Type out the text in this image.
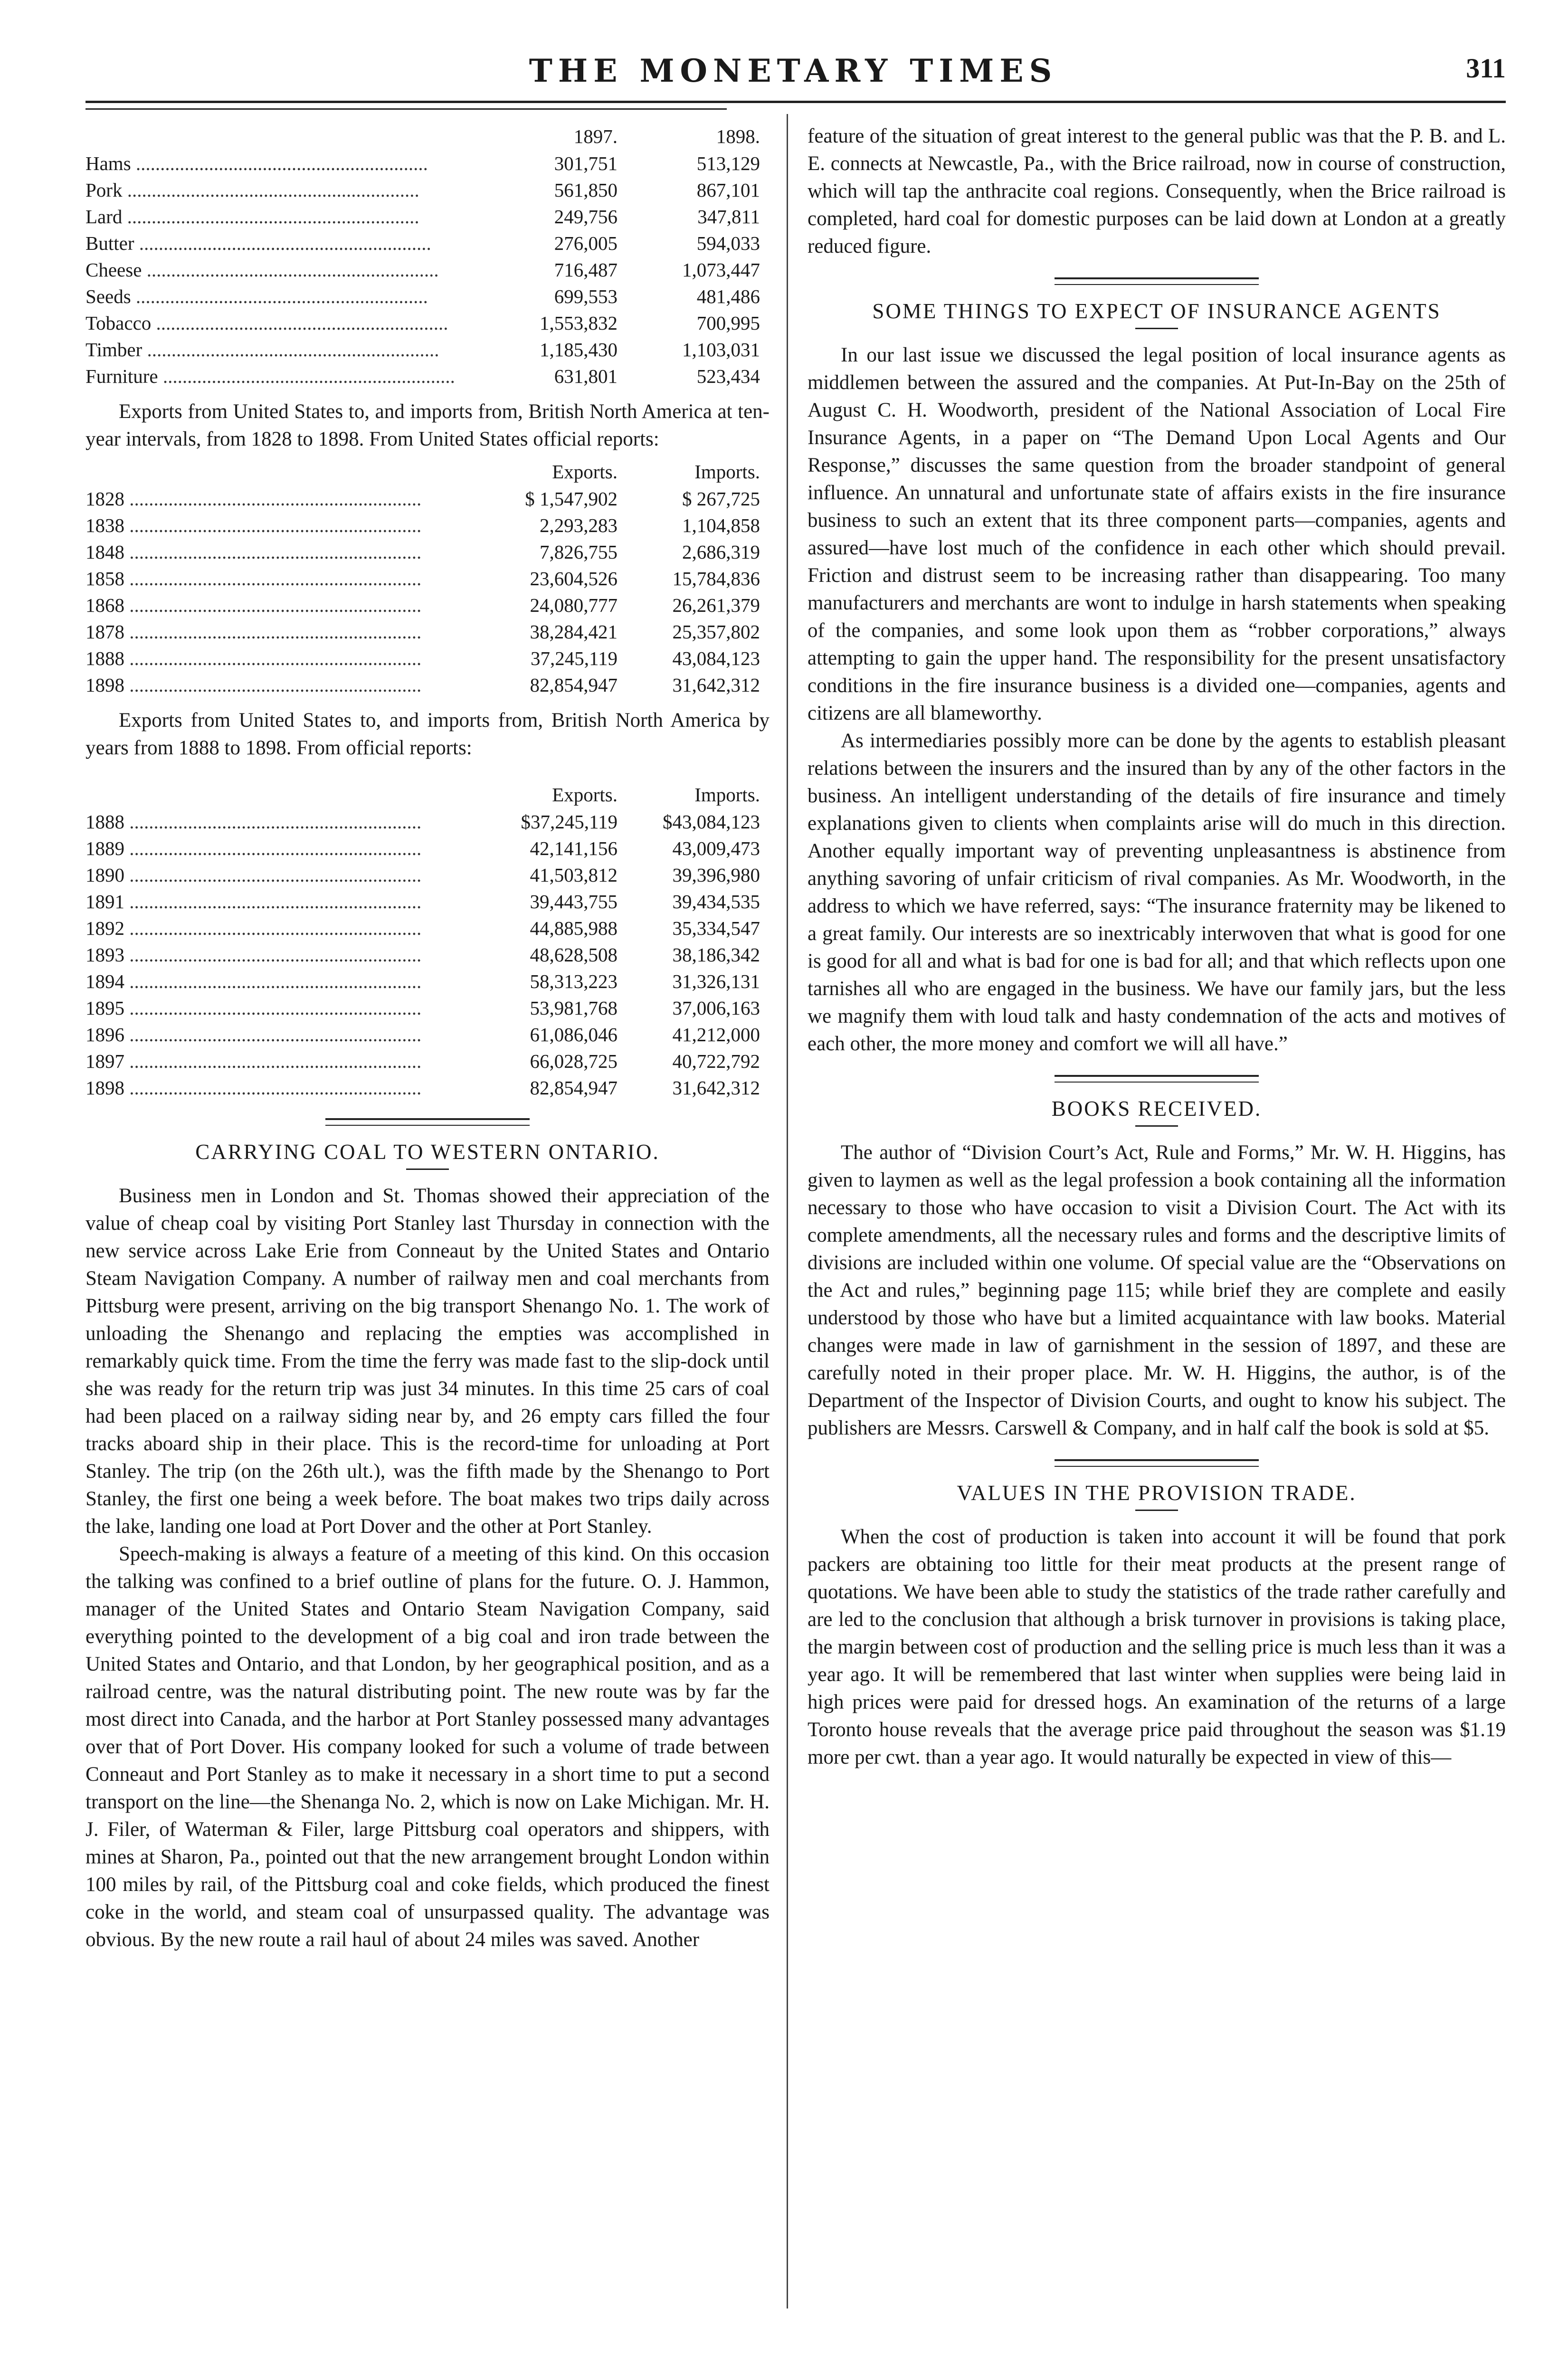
THE MONETARY TIMES	311
	1897.	1898.
Hams ............................................................	301,751	513,129
Pork ............................................................	561,850	867,101
Lard ............................................................	249,756	347,811
Butter ............................................................	276,005	594,033
Cheese ............................................................	716,487	1,073,447
Seeds ............................................................	699,553	481,486
Tobacco ............................................................	1,553,832	700,995
Timber ............................................................	1,185,430	1,103,031
Furniture ............................................................	631,801	523,434

Exports from United States to, and imports from, British North America at ten-year intervals, from 1828 to 1898. From United States official reports:

	Exports.	Imports.
1828 ............................................................	$ 1,547,902	$ 267,725
1838 ............................................................	2,293,283	1,104,858
1848 ............................................................	7,826,755	2,686,319
1858 ............................................................	23,604,526	15,784,836
1868 ............................................................	24,080,777	26,261,379
1878 ............................................................	38,284,421	25,357,802
1888 ............................................................	37,245,119	43,084,123
1898 ............................................................	82,854,947	31,642,312

Exports from United States to, and imports from, British North America by years from 1888 to 1898. From official reports:

	Exports.	Imports.
1888 ............................................................	$37,245,119	$43,084,123
1889 ............................................................	42,141,156	43,009,473
1890 ............................................................	41,503,812	39,396,980
1891 ............................................................	39,443,755	39,434,535
1892 ............................................................	44,885,988	35,334,547
1893 ............................................................	48,628,508	38,186,342
1894 ............................................................	58,313,223	31,326,131
1895 ............................................................	53,981,768	37,006,163
1896 ............................................................	61,086,046	41,212,000
1897 ............................................................	66,028,725	40,722,792
1898 ............................................................	82,854,947	31,642,312
CARRYING COAL TO WESTERN ONTARIO.

Business men in London and St. Thomas showed their appreciation of the value of cheap coal by visiting Port Stanley last Thursday in connection with the new service across Lake Erie from Conneaut by the United States and Ontario Steam Navigation Company. A number of railway men and coal merchants from Pittsburg were present, arriving on the big transport Shenango No. 1. The work of unloading the Shenango and replacing the empties was accomplished in remarkably quick time. From the time the ferry was made fast to the slip-dock until she was ready for the return trip was just 34 minutes. In this time 25 cars of coal had been placed on a railway siding near by, and 26 empty cars filled the four tracks aboard ship in their place. This is the record-time for unloading at Port Stanley. The trip (on the 26th ult.), was the fifth made by the Shenango to Port Stanley, the first one being a week before. The boat makes two trips daily across the lake, landing one load at Port Dover and the other at Port Stanley.

Speech-making is always a feature of a meeting of this kind. On this occasion the talking was confined to a brief outline of plans for the future. O. J. Hammon, manager of the United States and Ontario Steam Navigation Company, said everything pointed to the development of a big coal and iron trade between the United States and Ontario, and that London, by her geographical position, and as a railroad centre, was the natural distributing point. The new route was by far the most direct into Canada, and the harbor at Port Stanley possessed many advantages over that of Port Dover. His company looked for such a volume of trade between Conneaut and Port Stanley as to make it necessary in a short time to put a second transport on the line—the Shenanga No. 2, which is now on Lake Michigan. Mr. H. J. Filer, of Waterman & Filer, large Pittsburg coal operators and shippers, with mines at Sharon, Pa., pointed out that the new arrangement brought London within 100 miles by rail, of the Pittsburg coal and coke fields, which produced the finest coke in the world, and steam coal of unsurpassed quality. The advantage was obvious. By the new route a rail haul of about 24 miles was saved. Another

feature of the situation of great interest to the general public was that the P. B. and L. E. connects at Newcastle, Pa., with the Brice railroad, now in course of construction, which will tap the anthracite coal regions. Consequently, when the Brice railroad is completed, hard coal for domestic purposes can be laid down at London at a greatly reduced figure.

SOME THINGS TO EXPECT OF INSURANCE AGENTS

In our last issue we discussed the legal position of local insurance agents as middlemen between the assured and the companies. At Put-In-Bay on the 25th of August C. H. Woodworth, president of the National Association of Local Fire Insurance Agents, in a paper on “The Demand Upon Local Agents and Our Response,” discusses the same question from the broader standpoint of general influence. An unnatural and unfortunate state of affairs exists in the fire insurance business to such an extent that its three component parts—companies, agents and assured—have lost much of the confidence in each other which should prevail. Friction and distrust seem to be increasing rather than disappearing. Too many manufacturers and merchants are wont to indulge in harsh statements when speaking of the companies, and some look upon them as “robber corporations,” always attempting to gain the upper hand. The responsibility for the present unsatisfactory conditions in the fire insurance business is a divided one—companies, agents and citizens are all blameworthy.

As intermediaries possibly more can be done by the agents to establish pleasant relations between the insurers and the insured than by any of the other factors in the business. An intelligent understanding of the details of fire insurance and timely explanations given to clients when complaints arise will do much in this direction. Another equally important way of preventing unpleasantness is abstinence from anything savoring of unfair criticism of rival companies. As Mr. Woodworth, in the address to which we have referred, says: “The insurance fraternity may be likened to a great family. Our interests are so inextricably interwoven that what is good for one is good for all and what is bad for one is bad for all; and that which reflects upon one tarnishes all who are engaged in the business. We have our family jars, but the less we magnify them with loud talk and hasty condemnation of the acts and motives of each other, the more money and comfort we will all have.”

BOOKS RECEIVED.

The author of “Division Court’s Act, Rule and Forms,” Mr. W. H. Higgins, has given to laymen as well as the legal profession a book containing all the information necessary to those who have occasion to visit a Division Court. The Act with its complete amendments, all the necessary rules and forms and the descriptive limits of divisions are included within one volume. Of special value are the “Observations on the Act and rules,” beginning page 115; while brief they are complete and easily understood by those who have but a limited acquaintance with law books. Material changes were made in law of garnishment in the session of 1897, and these are carefully noted in their proper place. Mr. W. H. Higgins, the author, is of the Department of the Inspector of Division Courts, and ought to know his subject. The publishers are Messrs. Carswell & Company, and in half calf the book is sold at $5.

VALUES IN THE PROVISION TRADE.

When the cost of production is taken into account it will be found that pork packers are obtaining too little for their meat products at the present range of quotations. We have been able to study the statistics of the trade rather carefully and are led to the conclusion that although a brisk turnover in provisions is taking place, the margin between cost of production and the selling price is much less than it was a year ago. It will be remembered that last winter when supplies were being laid in high prices were paid for dressed hogs. An examination of the returns of a large Toronto house reveals that the average price paid throughout the season was $1.19 more per cwt. than a year ago. It would naturally be expected in view of this—
